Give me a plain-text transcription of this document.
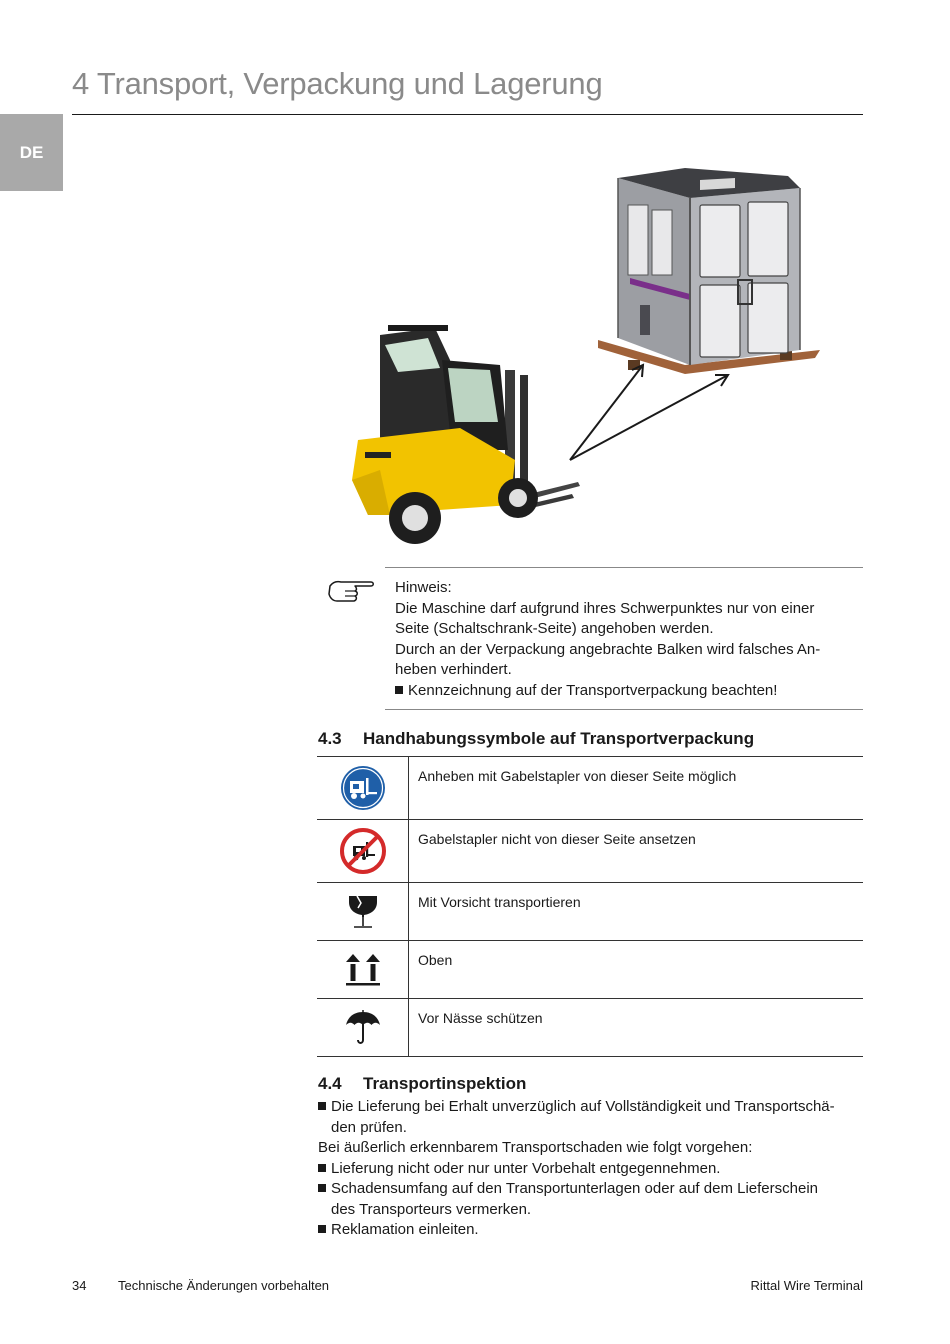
4 Transport, Verpackung und Lagerung
DE
Hinweis:
Die Maschine darf aufgrund ihres Schwerpunktes nur von einer
Seite (Schaltschrank-Seite) angehoben werden.
Durch an der Verpackung angebrachte Balken wird falsches An-
heben verhindert.
Kennzeichnung auf der Transportverpackung beachten!
4.3 Handhabungssymbole auf Transportverpackung
Anheben mit Gabelstapler von dieser Seite möglich
Gabelstapler nicht von dieser Seite ansetzen
Mit Vorsicht transportieren
Oben
Vor Nässe schützen
4.4 Transportinspektion
Die Lieferung bei Erhalt unverzüglich auf Vollständigkeit und Transportschä-
den prüfen.
Bei äußerlich erkennbarem Transportschaden wie folgt vorgehen:
Lieferung nicht oder nur unter Vorbehalt entgegennehmen.
Schadensumfang auf den Transportunterlagen oder auf dem Lieferschein
des Transporteurs vermerken.
Reklamation einleiten.
34 Technische Änderungen vorbehalten	Rittal Wire Terminal
